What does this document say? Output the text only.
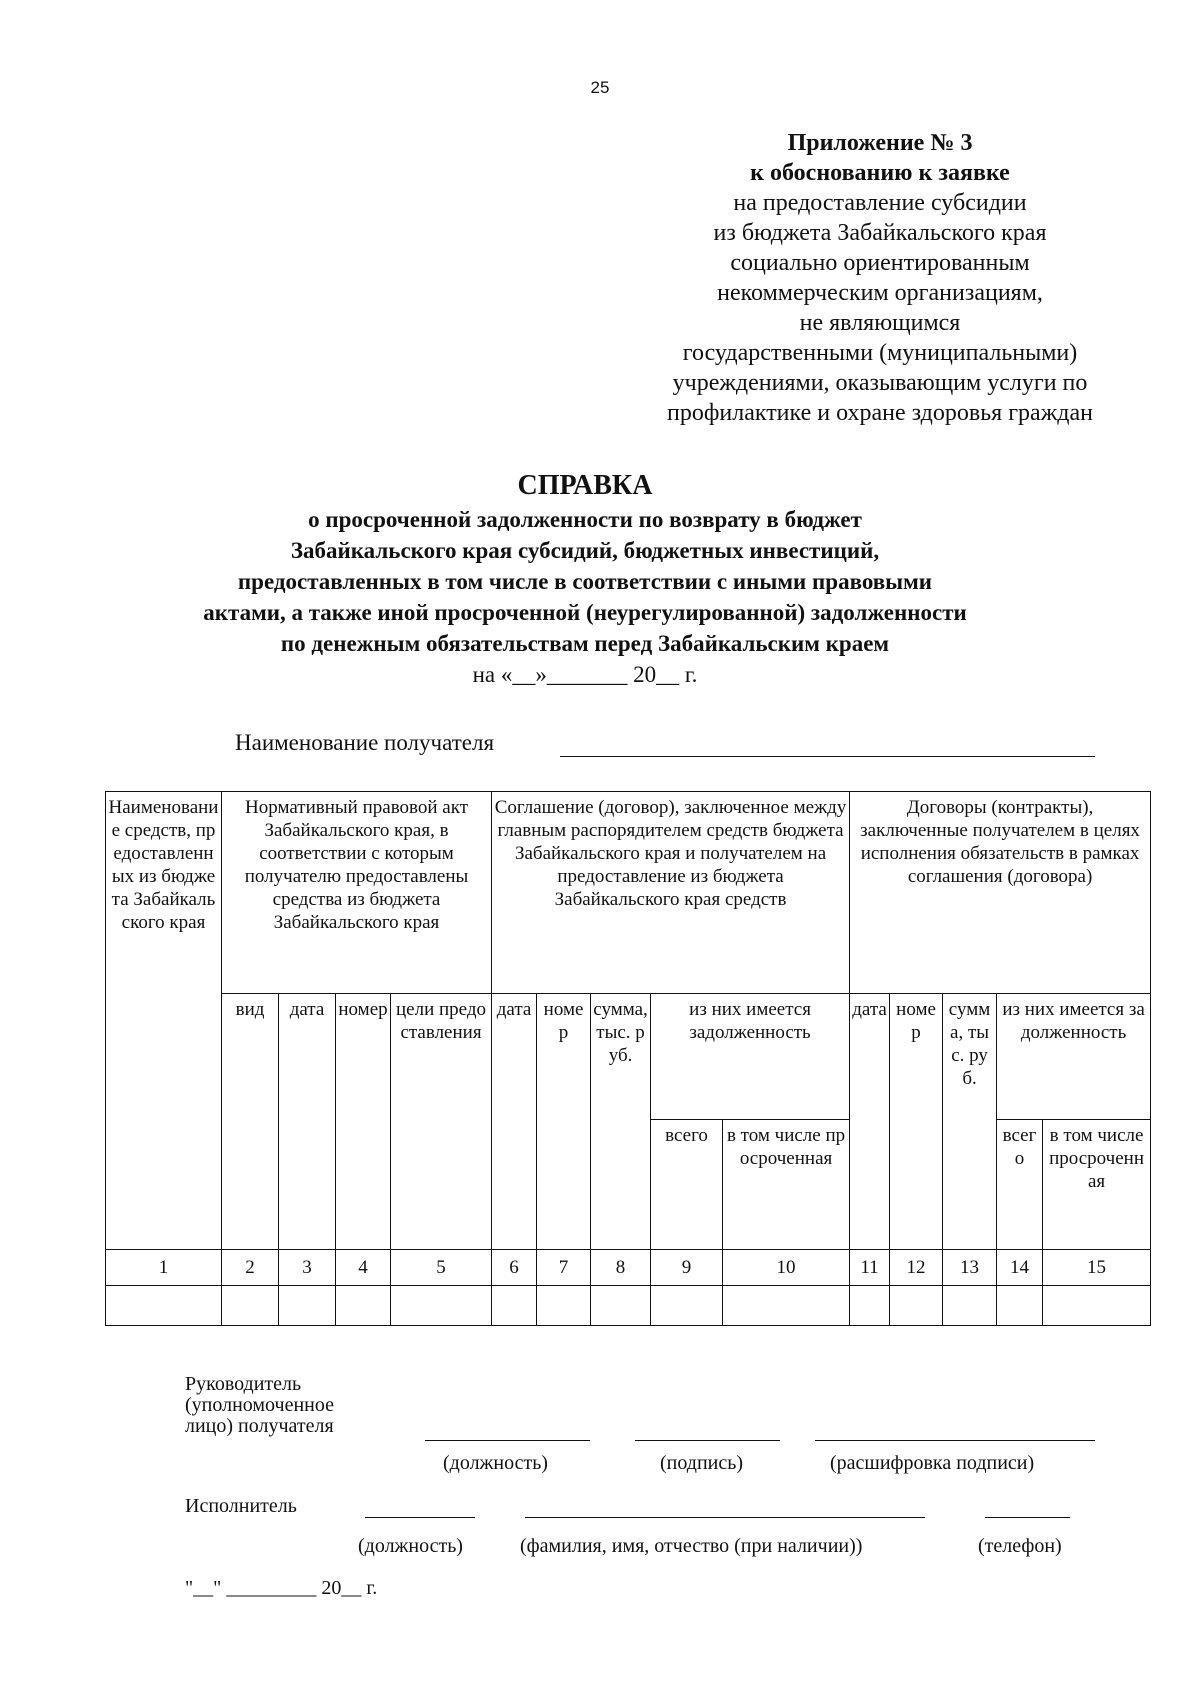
25
Приложение № 3
к обоснованию к заявке
на предоставление субсидии
из бюджета Забайкальского края
социально ориентированным
некоммерческим организациям,
не являющимся
государственными (муниципальными)
учреждениями, оказывающим услуги по
профилактике и охране здоровья граждан
СПРАВКА
о просроченной задолженности по возврату в бюджет
Забайкальского края субсидий, бюджетных инвестиций,
предоставленных в том числе в соответствии с иными правовыми
актами, а также иной просроченной (неурегулированной) задолженности
по денежным обязательствам перед Забайкальским краем
на «__»_______ 20__ г.
Наименование получателя
Наименование средств, предоставленных из бюджета Забайкальского края	Нормативный правовой акт Забайкальского края, в соответствии с которым получателю предоставлены средства из бюджета Забайкальского края				Соглашение (договор), заключенное между главным распорядителем средств бюджета Забайкальского края и получателем на предоставление из бюджета Забайкальского края средств					Договоры (контракты), заключенные получателем в целях исполнения обязательств в рамках соглашения (договора)				
	вид	дата	номер	цели предоставления	дата	номер	сумма, тыс. руб.	из них имеется задолженность		дата	номер	сумма, тыс. руб.	из них имеется задолженность	
								всего	в том числе просроченная				всего	в том числе просроченная
1	2	3	4	5	6	7	8	9	10	11	12	13	14	15

Руководитель (уполномоченное лицо) получателя
(должность)	(подпись)	(расшифровка подписи)
Исполнитель
(должность)	(фамилия, имя, отчество (при наличии))	(телефон)
"__" _________ 20__ г.
